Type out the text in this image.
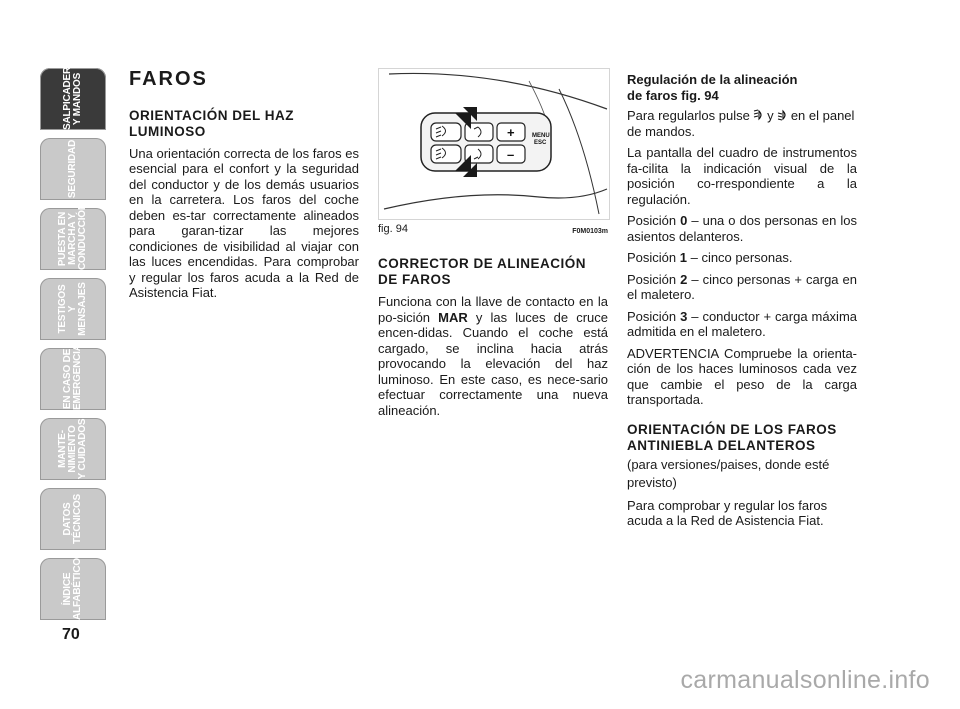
SALPICADERO
Y MANDOS
SEGURIDAD
PUESTA EN
MARCHA Y
CONDUCCIÓN
TESTIGOS
Y MENSAJES
EN CASO DE
EMERGENCIA
MANTE-
NIMIENTO
Y CUIDADOS
DATOS
TÉCNICOS
ÍNDICE
ALFABÉTICO
70
FAROS
ORIENTACIÓN DEL HAZ LUMINOSO

Una orientación correcta de los faros es esencial para el confort y la seguridad del conductor y de los demás usuarios en la carretera. Los faros del coche deben es-tar correctamente alineados para garan-tizar las mejores condiciones de visibilidad al viajar con las luces encendidas. Para comprobar y regular los faros acuda a la Red de Asistencia Fiat.

+
–
MENU
ESC
fig. 94	F0M0103m
CORRECTOR DE ALINEACIÓN DE FAROS

Funciona con la llave de contacto en la po-sición MAR y las luces de cruce encen-didas. Cuando el coche está cargado, se inclina hacia atrás provocando la elevación del haz luminoso. En este caso, es nece-sario efectuar correctamente una nueva alineación.

Regulación de la alineación
de faros fig. 94

Para regularlos pulse  y  en el panel de mandos.

La pantalla del cuadro de instrumentos fa-cilita la indicación visual de la posición co-rrespondiente a la regulación.

Posición 0 – una o dos personas en los asientos delanteros.

Posición 1 – cinco personas.

Posición 2 – cinco personas + carga en el maletero.

Posición 3 – conductor + carga máxima admitida en el maletero.

ADVERTENCIA Compruebe la orienta-ción de los haces luminosos cada vez que cambie el peso de la carga transportada.

ORIENTACIÓN DE LOS FAROS ANTINIEBLA DELANTEROS

(para versiones/paises, donde esté previsto)

Para comprobar y regular los faros acuda a la Red de Asistencia Fiat.

carmanualsonline.info
